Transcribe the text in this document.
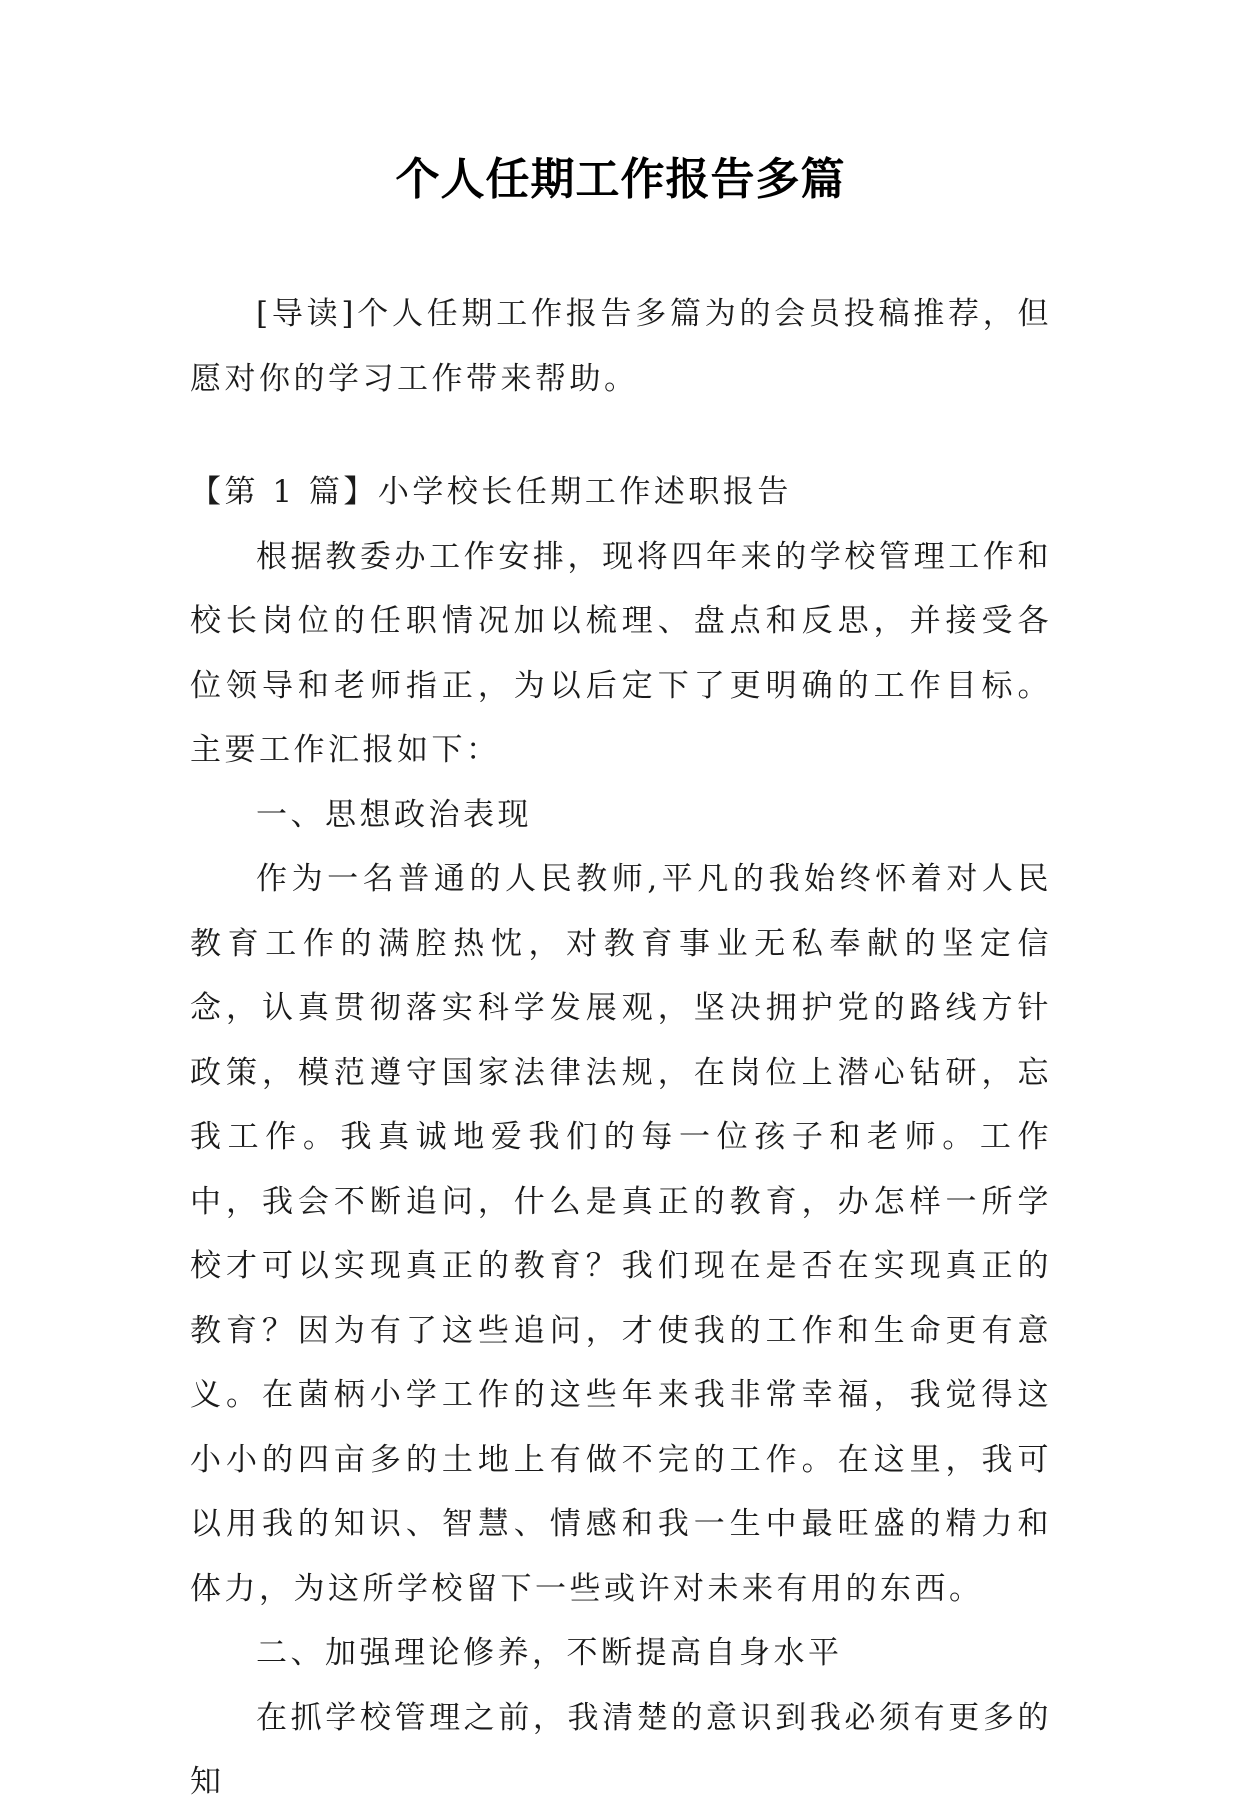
个人任期工作报告多篇
[导读]个人任期工作报告多篇为的会员投稿推荐，但愿对你的学习工作带来帮助。

【第 1 篇】小学校长任期工作述职报告

根据教委办工作安排，现将四年来的学校管理工作和校长岗位的任职情况加以梳理、盘点和反思，并接受各位领导和老师指正，为以后定下了更明确的工作目标。主要工作汇报如下：

一、思想政治表现

作为一名普通的人民教师,平凡的我始终怀着对人民教育工作的满腔热忱，对教育事业无私奉献的坚定信念，认真贯彻落实科学发展观，坚决拥护党的路线方针政策，模范遵守国家法律法规，在岗位上潜心钻研，忘我工作。我真诚地爱我们的每一位孩子和老师。工作中，我会不断追问，什么是真正的教育，办怎样一所学校才可以实现真正的教育？我们现在是否在实现真正的教育？因为有了这些追问，才使我的工作和生命更有意义。在菌柄小学工作的这些年来我非常幸福，我觉得这小小的四亩多的土地上有做不完的工作。在这里，我可以用我的知识、智慧、情感和我一生中最旺盛的精力和体力，为这所学校留下一些或许对未来有用的东西。

二、加强理论修养，不断提高自身水平

在抓学校管理之前，我清楚的意识到我必须有更多的知
